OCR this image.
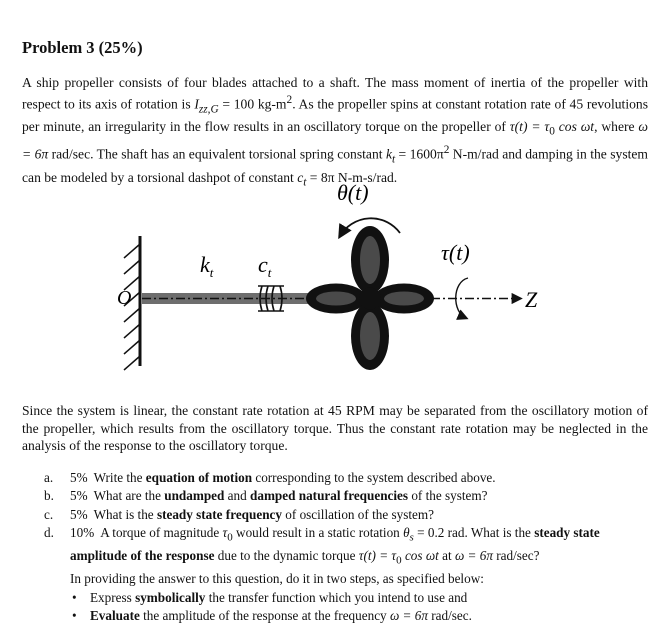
Problem 3 (25%)

A ship propeller consists of four blades attached to a shaft. The mass moment of inertia of the propeller with respect to its axis of rotation is $I_{zz,G} = 100$ $kg-m^2$. As the propeller spins at constant rotation rate of 45 revolutions per minute, an irregularity in the flow results in an oscillatory torque on the propeller of $\tau(t) = \tau_0$ cos ωt, where ω = 6π rad/sec. The shaft has an equivalent torsional spring constant $k_t = 1600\pi^2$ N-m/rad and damping in the system can be modeled by a torsional dashpot of constant $c_t = 8\pi$ N-m-s/rad.

θ(t)
O
$k_t$ $c_t$
τ(t)
Z

Since the system is linear, the constant rate rotation at 45 RPM may be separated from the oscillatory motion of the propeller, which results from the oscillatory torque. Thus the constant rate rotation may be neglected in the analysis of the response to the oscillatory torque.

a. 5% Write the equation of motion corresponding to the system described above.

b. 5% What are the undamped and damped natural frequencies of the system?

c. 5% What is the steady state frequency of oscillation of the system?

d. 10% A torque of magnitude $\tau_0$ would result in a static rotation $\theta_s = 0.2$ rad. What is the steady state amplitude of the response due to the dynamic torque $\tau(t) = \tau_0$ cos ωt at ω = 6π rad/sec?

In providing the answer to this question, do it in two steps, as specified below:

• Express symbolically the transfer function which you intend to use and

• Evaluate the amplitude of the response at the frequency ω = 6π rad/sec.
